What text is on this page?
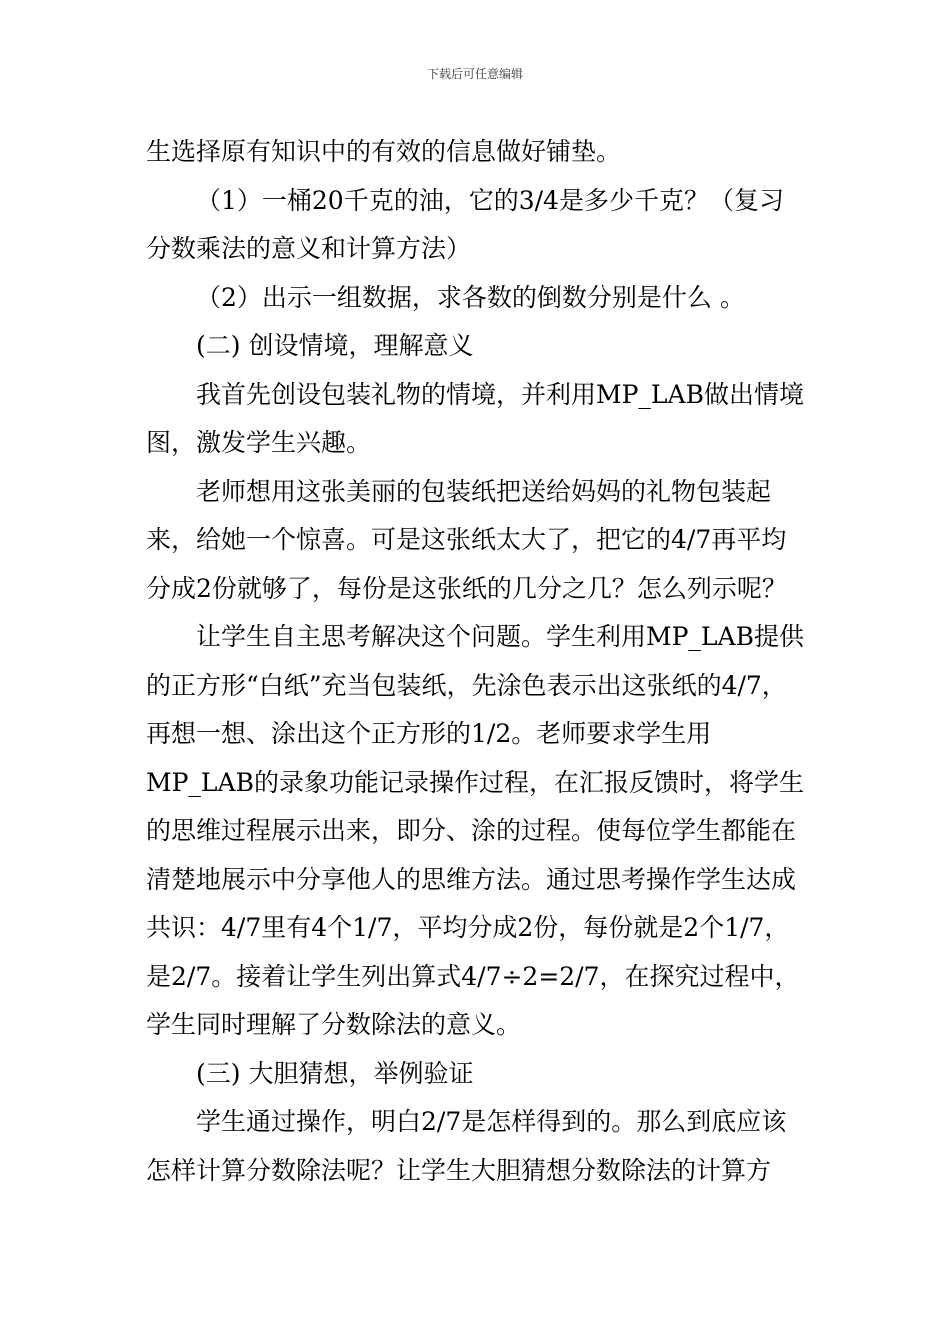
下载后可任意编辑

生选择原有知识中的有效的信息做好铺垫。

（1）一桶20千克的油，它的3/4是多少千克？（复习分数乘法的意义和计算方法）

（2）出示一组数据，求各数的倒数分别是什么 。

(二) 创设情境，理解意义

我首先创设包装礼物的情境，并利用MP_LAB做出情境图，激发学生兴趣。

老师想用这张美丽的包装纸把送给妈妈的礼物包装起来，给她一个惊喜。可是这张纸太大了，把它的4/7再平均分成2份就够了，每份是这张纸的几分之几？怎么列示呢？

让学生自主思考解决这个问题。学生利用MP_LAB提供的正方形“白纸”充当包装纸，先涂色表示出这张纸的4/7，再想一想、涂出这个正方形的1/2。老师要求学生用MP_LAB的录象功能记录操作过程，在汇报反馈时，将学生的思维过程展示出来，即分、涂的过程。使每位学生都能在清楚地展示中分享他人的思维方法。通过思考操作学生达成共识：4/7里有4个1/7，平均分成2份，每份就是2个1/7，是2/7。接着让学生列出算式4/7÷2=2/7，在探究过程中，学生同时理解了分数除法的意义。

(三) 大胆猜想，举例验证

学生通过操作，明白2/7是怎样得到的。那么到底应该怎样计算分数除法呢？让学生大胆猜想分数除法的计算方
